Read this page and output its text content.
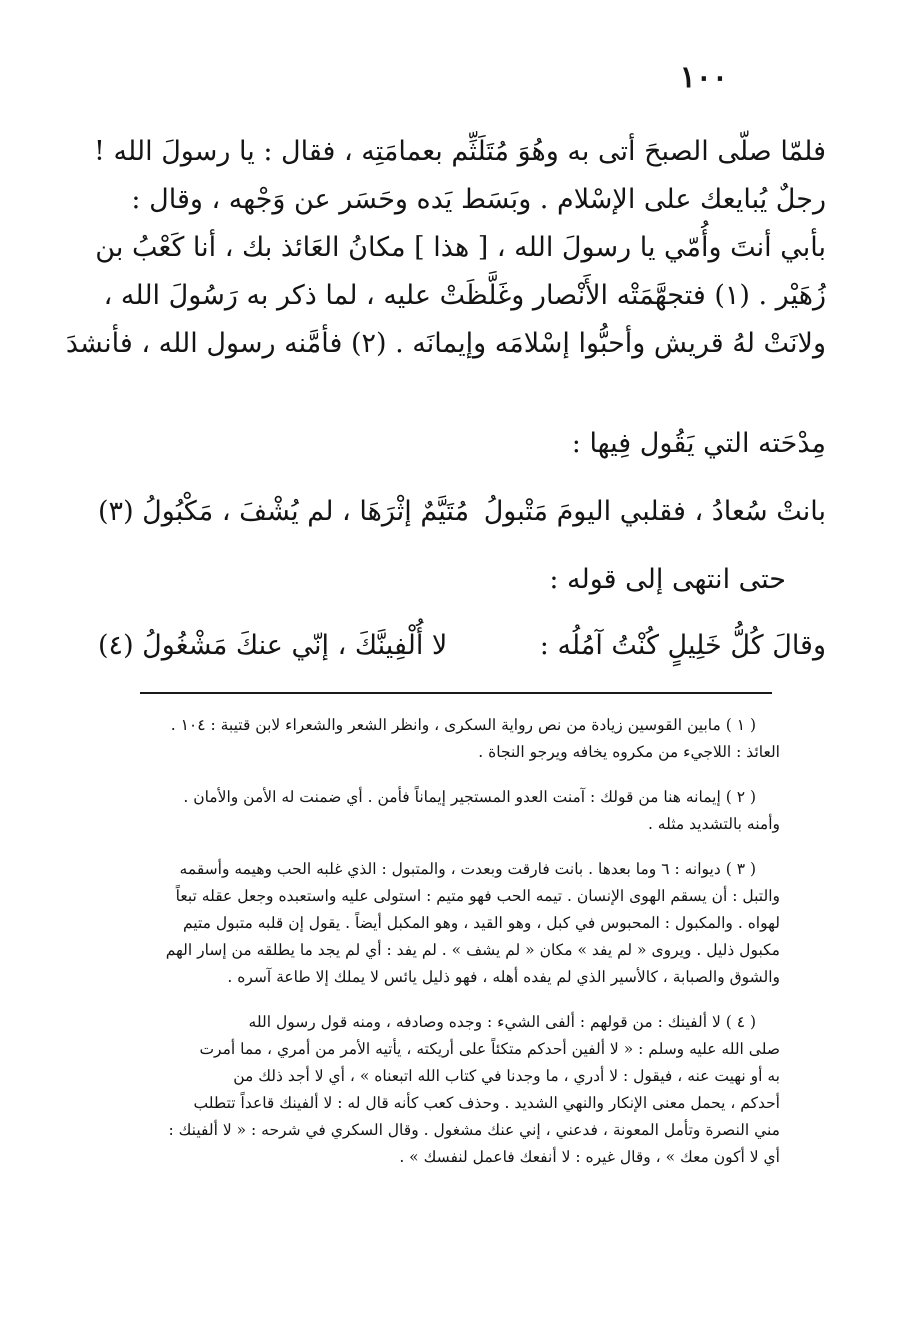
١٠٠
فلمّا صلّى الصبحَ أتى به وهُوَ مُتَلَثِّم بعمامَتِه ، فقال : يا رسولَ الله !
رجلٌ يُبايعك على الإسْلام . وبَسَط يَده وحَسَر عن وَجْهه ، وقال :
بأبي أنتَ وأُمّي يا رسولَ الله ، [ هذا ] مكانُ العَائذ بك ، أنا كَعْبُ بن
زُهَيْر . (١) فتجهَّمَتْه الأَنْصار وغَلَّظَتْ عليه ، لما ذكر به رَسُولَ الله ،
ولانَتْ لهُ قريش وأحبُّوا إسْلامَه وإيمانَه . (٢) فأمَّنه رسول الله ، فأنشدَ
مِدْحَته التي يَقُول فِيها :
بانتْ سُعادُ ، فقلبي اليومَ مَتْبولُ
مُتَيَّمٌ إثْرَهَا ، لم يُشْفَ ، مَكْبُولُ (٣)
حتى انتهى إلى قوله :
وقالَ كُلُّ خَلِيلٍ كُنْتُ آمُلُه :
لا أُلْفِينَّكَ ، إنّي عنكَ مَشْغُولُ (٤)
( ١ ) مابين القوسين زيادة من نص رواية السكرى ، وانظر الشعر والشعراء لابن قتيبة : ١٠٤ .
العائذ : اللاجيء من مكروه يخافه ويرجو النجاة .
( ٢ ) إيمانه هنا من قولك : آمنت العدو المستجير إيماناً فأمن . أي ضمنت له الأمن والأمان .
وأمنه بالتشديد مثله .
( ٣ ) ديوانه : ٦ وما بعدها . بانت فارقت وبعدت ، والمتبول : الذي غلبه الحب وهيمه وأسقمه
والتبل : أن يسقم الهوى الإنسان . تيمه الحب فهو متيم : استولى عليه واستعبده وجعل عقله تبعاً
لهواه . والمكبول : المحبوس في كبل ، وهو القيد ، وهو المكبل أيضاً . يقول إن قلبه متبول متيم
مكبول ذليل . ويروى « لم يفد » مكان « لم يشف » . لم يفد : أي لم يجد ما يطلقه من إسار الهم
والشوق والصبابة ، كالأسير الذي لم يفده أهله ، فهو ذليل يائس لا يملك إلا طاعة آسره .
( ٤ ) لا ألفينك : من قولهم : ألفى الشيء : وجده وصادفه ، ومنه قول رسول الله
صلى الله عليه وسلم : « لا ألفين أحدكم متكئاً على أريكته ، يأتيه الأمر من أمري ، مما أمرت
به أو نهيت عنه ، فيقول : لا أدري ، ما وجدنا في كتاب الله اتبعناه » ، أي لا أجد ذلك من
أحدكم ، يحمل معنى الإنكار والنهي الشديد . وحذف كعب كأنه قال له : لا ألفينك قاعداً تتطلب
مني النصرة وتأمل المعونة ، فدعني ، إني عنك مشغول . وقال السكري في شرحه : « لا ألفينك :
أي لا أكون معك » ، وقال غيره : لا أنفعك فاعمل لنفسك » .
